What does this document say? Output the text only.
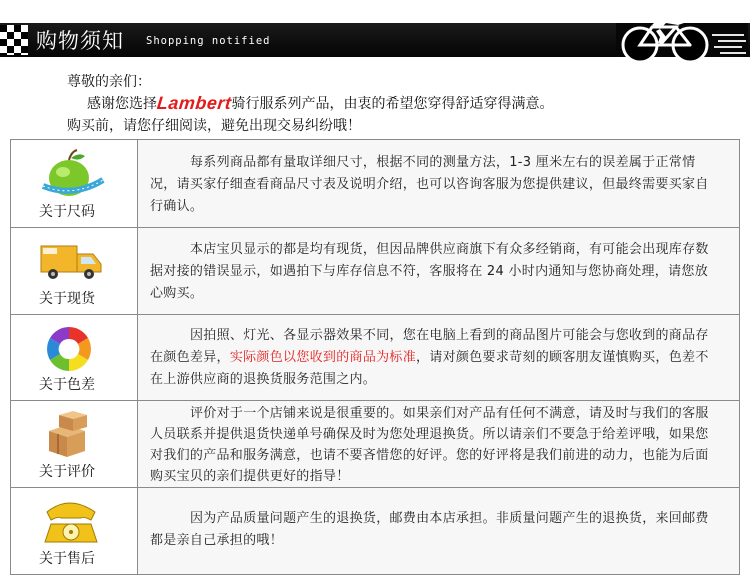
购物须知 Shopping notified
尊敬的亲们：
感谢您选择Lambert骑行服系列产品，由衷的希望您穿得舒适穿得满意。
购买前，请您仔细阅读，避免出现交易纠纷哦！
关于尺码
每系列商品都有量取详细尺寸，根据不同的测量方法，1-3 厘米左右的误差属于正常情况，请买家仔细查看商品尺寸表及说明介绍，也可以咨询客服为您提供建议，但最终需要买家自行确认。
关于现货
本店宝贝显示的都是均有现货，但因品牌供应商旗下有众多经销商，有可能会出现库存数据对接的错误显示，如遇拍下与库存信息不符，客服将在 24 小时内通知与您协商处理，请您放心购买。
关于色差
因拍照、灯光、各显示器效果不同，您在电脑上看到的商品图片可能会与您收到的商品存在颜色差异，实际颜色以您收到的商品为标准，请对颜色要求苛刻的顾客朋友谨慎购买，色差不在上游供应商的退换货服务范围之内。
关于评价
评价对于一个店铺来说是很重要的。如果亲们对产品有任何不满意，请及时与我们的客服人员联系并提供退货快递单号确保及时为您处理退换货。所以请亲们不要急于给差评哦，如果您对我们的产品和服务满意，也请不要吝惜您的好评。您的好评将是我们前进的动力，也能为后面购买宝贝的亲们提供更好的指导！
关于售后
因为产品质量问题产生的退换货，邮费由本店承担。非质量问题产生的退换货，来回邮费都是亲自己承担的哦！
